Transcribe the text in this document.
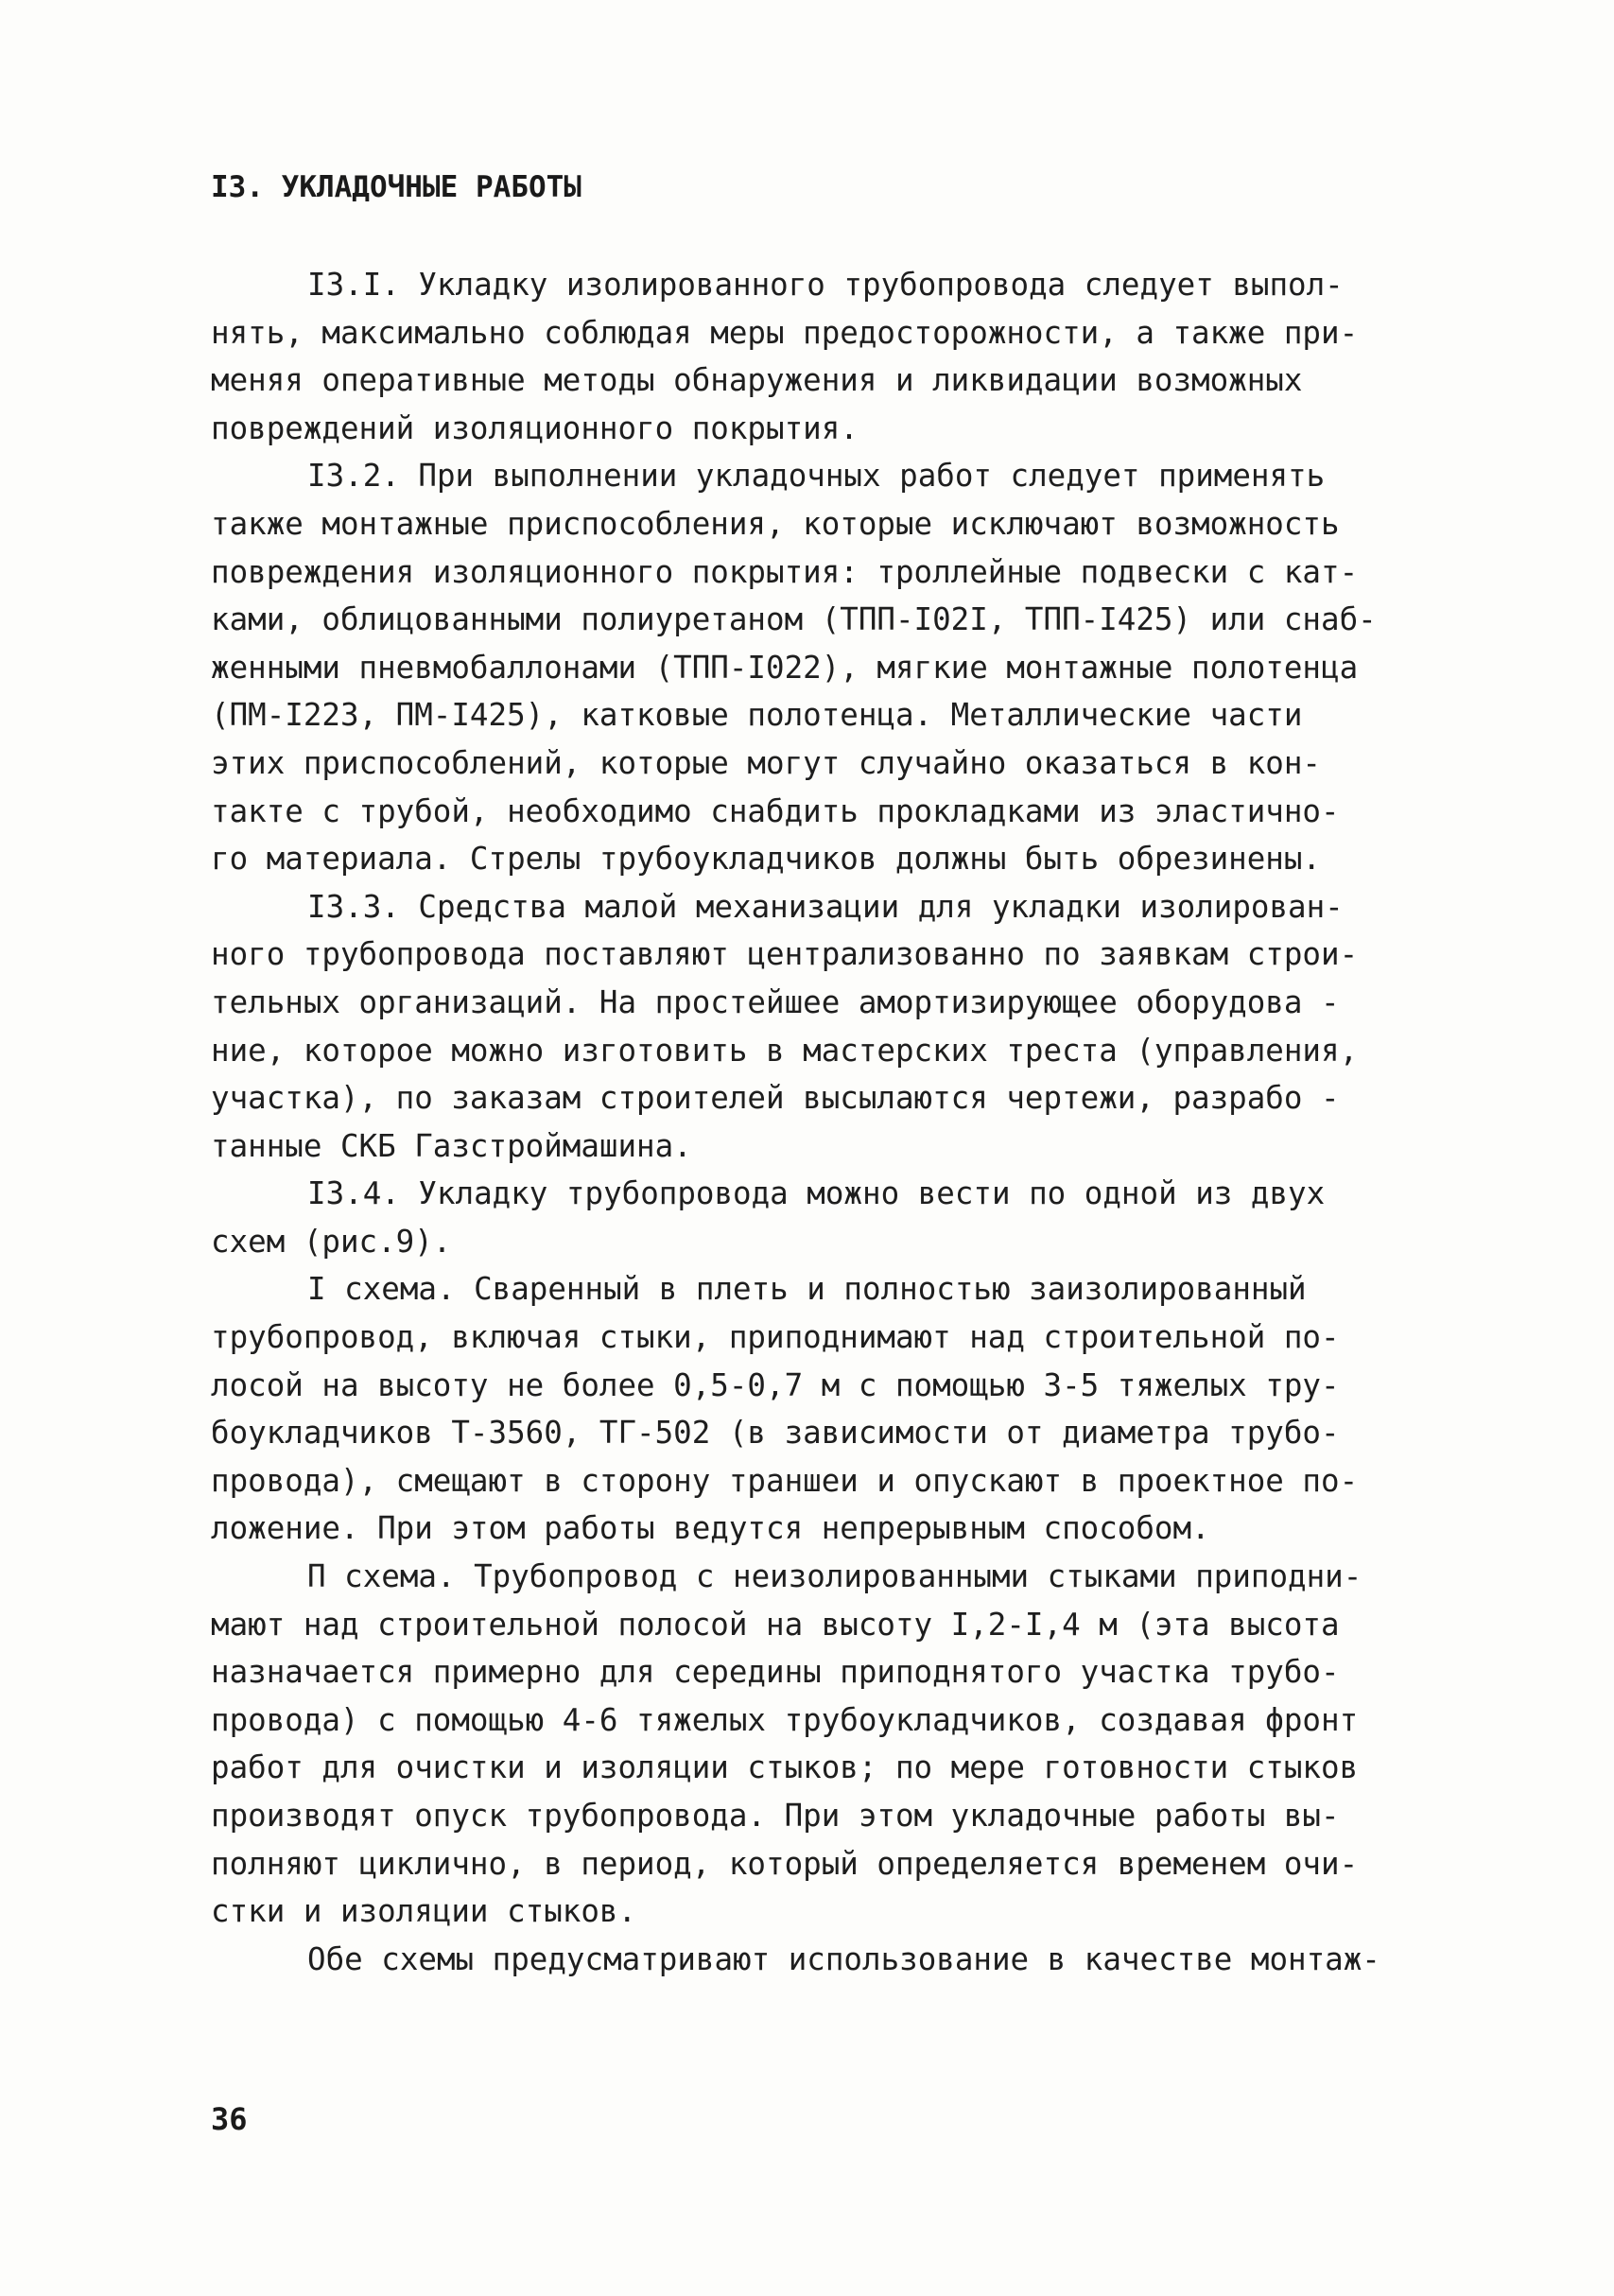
I3. УКЛАДОЧНЫЕ РАБОТЫ
I3.I. Укладку изолированного трубопровода следует выпол-
нять, максимально соблюдая меры предосторожности, а также при-
меняя оперативные методы обнаружения и ликвидации возможных
повреждений изоляционного покрытия.
I3.2. При выполнении укладочных работ следует применять
также монтажные приспособления, которые исключают возможность
повреждения изоляционного покрытия: троллейные подвески с кат-
ками, облицованными полиуретаном (ТПП-I02I, ТПП-I425) или снаб-
женными пневмобаллонами (ТПП-I022), мягкие монтажные полотенца
(ПМ-I223, ПМ-I425), катковые полотенца. Металлические части
этих приспособлений, которые могут случайно оказаться в кон-
такте с трубой, необходимо снабдить прокладками из эластично-
го материала. Стрелы трубоукладчиков должны быть обрезинены.
I3.3. Средства малой механизации для укладки изолирован-
ного трубопровода поставляют централизованно по заявкам строи-
тельных организаций. На простейшее амортизирующее оборудова -
ние, которое можно изготовить в мастерских треста (управления,
участка), по заказам строителей высылаются чертежи, разрабо -
танные СКБ Газстроймашина.
I3.4. Укладку трубопровода можно вести по одной из двух
схем (рис.9).
I схема. Сваренный в плеть и полностью заизолированный
трубопровод, включая стыки, приподнимают над строительной по-
лосой на высоту не более 0,5-0,7 м с помощью 3-5 тяжелых тру-
боукладчиков Т-3560, ТГ-502 (в зависимости от диаметра трубо-
провода), смещают в сторону траншеи и опускают в проектное по-
ложение. При этом работы ведутся непрерывным способом.
П схема. Трубопровод с неизолированными стыками приподни-
мают над строительной полосой на высоту I,2-I,4 м (эта высота
назначается примерно для середины приподнятого участка трубо-
провода) с помощью 4-6 тяжелых трубоукладчиков, создавая фронт
работ для очистки и изоляции стыков; по мере готовности стыков
производят опуск трубопровода. При этом укладочные работы вы-
полняют циклично, в период, который определяется временем очи-
стки и изоляции стыков.
Обе схемы предусматривают использование в качестве монтаж-
36
